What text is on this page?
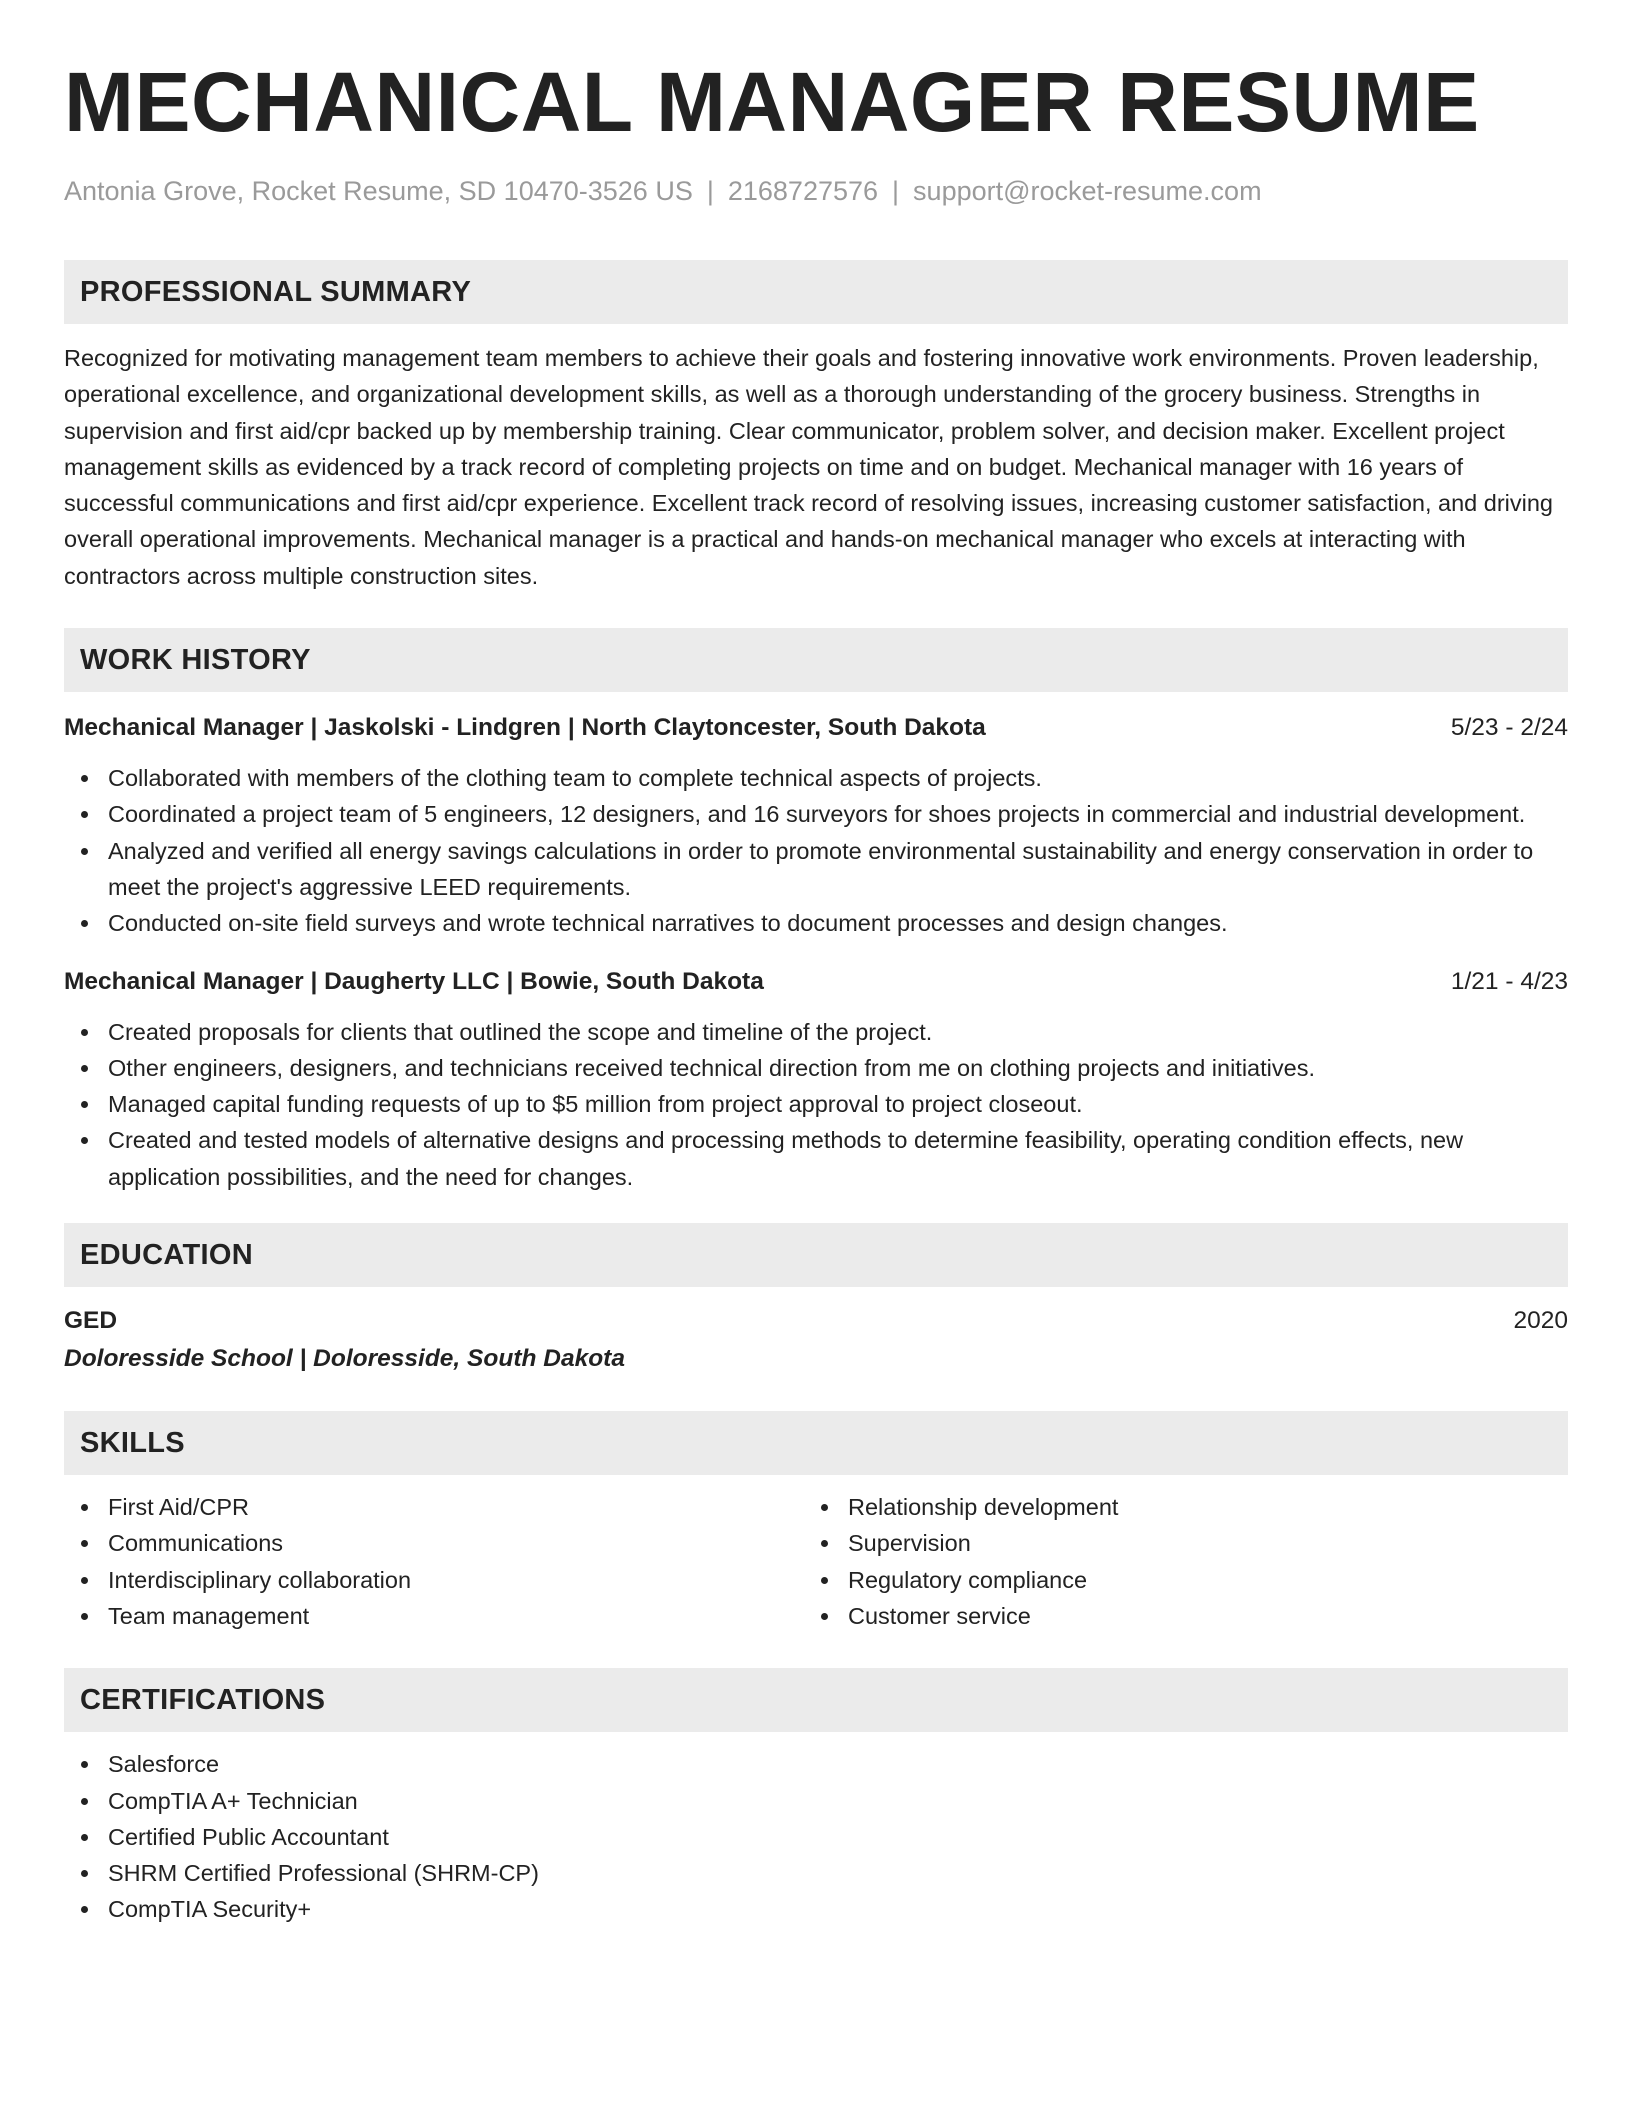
MECHANICAL MANAGER RESUME
Antonia Grove, Rocket Resume, SD 10470-3526 US | 2168727576 | support@rocket-resume.com
PROFESSIONAL SUMMARY
Recognized for motivating management team members to achieve their goals and fostering innovative work environments. Proven leadership, operational excellence, and organizational development skills, as well as a thorough understanding of the grocery business. Strengths in supervision and first aid/cpr backed up by membership training. Clear communicator, problem solver, and decision maker. Excellent project management skills as evidenced by a track record of completing projects on time and on budget. Mechanical manager with 16 years of successful communications and first aid/cpr experience. Excellent track record of resolving issues, increasing customer satisfaction, and driving overall operational improvements. Mechanical manager is a practical and hands-on mechanical manager who excels at interacting with contractors across multiple construction sites.
WORK HISTORY
Mechanical Manager | Jaskolski - Lindgren | North Claytoncester, South Dakota	5/23 - 2/24
Collaborated with members of the clothing team to complete technical aspects of projects.
Coordinated a project team of 5 engineers, 12 designers, and 16 surveyors for shoes projects in commercial and industrial development.
Analyzed and verified all energy savings calculations in order to promote environmental sustainability and energy conservation in order to meet the project's aggressive LEED requirements.
Conducted on-site field surveys and wrote technical narratives to document processes and design changes.
Mechanical Manager | Daugherty LLC | Bowie, South Dakota	1/21 - 4/23
Created proposals for clients that outlined the scope and timeline of the project.
Other engineers, designers, and technicians received technical direction from me on clothing projects and initiatives.
Managed capital funding requests of up to $5 million from project approval to project closeout.
Created and tested models of alternative designs and processing methods to determine feasibility, operating condition effects, new application possibilities, and the need for changes.
EDUCATION
GED	2020
Doloresside School | Doloresside, South Dakota
SKILLS
First Aid/CPR
Communications
Interdisciplinary collaboration
Team management
Relationship development
Supervision
Regulatory compliance
Customer service
CERTIFICATIONS
Salesforce
CompTIA A+ Technician
Certified Public Accountant
SHRM Certified Professional (SHRM-CP)
CompTIA Security+
